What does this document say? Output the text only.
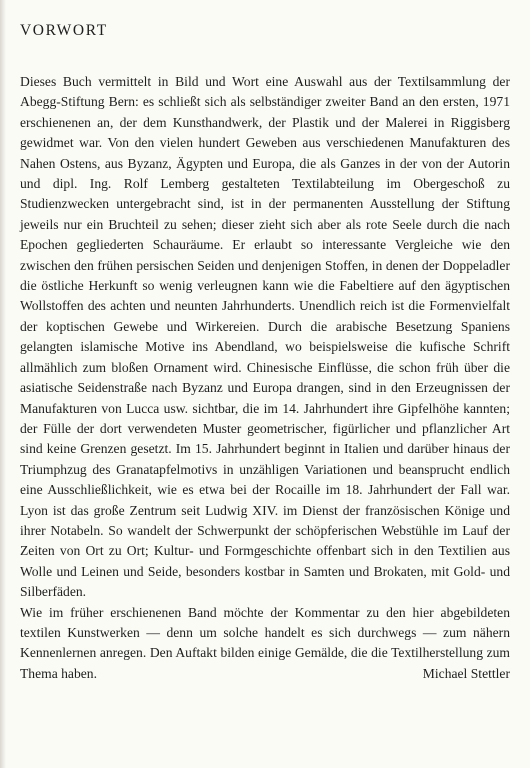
VORWORT

Dieses Buch vermittelt in Bild und Wort eine Auswahl aus der Textilsammlung der Abegg-Stiftung Bern: es schließt sich als selbständiger zweiter Band an den ersten, 1971 erschienenen an, der dem Kunsthandwerk, der Plastik und der Malerei in Riggisberg gewidmet war. Von den vielen hundert Geweben aus verschiedenen Manufakturen des Nahen Ostens, aus Byzanz, Ägypten und Europa, die als Ganzes in der von der Autorin und dipl. Ing. Rolf Lemberg gestalteten Textilabteilung im Obergeschoß zu Studienzwecken untergebracht sind, ist in der permanenten Ausstellung der Stiftung jeweils nur ein Bruchteil zu sehen; dieser zieht sich aber als rote Seele durch die nach Epochen gegliederten Schauräume. Er erlaubt so interessante Vergleiche wie den zwischen den frühen persischen Seiden und denjenigen Stoffen, in denen der Doppeladler die östliche Herkunft so wenig verleugnen kann wie die Fabeltiere auf den ägyptischen Wollstoffen des achten und neunten Jahrhunderts. Unendlich reich ist die Formenvielfalt der koptischen Gewebe und Wirkereien. Durch die arabische Besetzung Spaniens gelangten islamische Motive ins Abendland, wo beispielsweise die kufische Schrift allmählich zum bloßen Ornament wird. Chinesische Einflüsse, die schon früh über die asiatische Seidenstraße nach Byzanz und Europa drangen, sind in den Erzeugnissen der Manufakturen von Lucca usw. sichtbar, die im 14. Jahrhundert ihre Gipfelhöhe kannten; der Fülle der dort verwendeten Muster geometrischer, figürlicher und pflanzlicher Art sind keine Grenzen gesetzt. Im 15. Jahrhundert beginnt in Italien und darüber hinaus der Triumphzug des Granatapfelmotivs in unzähligen Variationen und beansprucht endlich eine Ausschließlichkeit, wie es etwa bei der Rocaille im 18. Jahrhundert der Fall war. Lyon ist das große Zentrum seit Ludwig XIV. im Dienst der französischen Könige und ihrer Notabeln. So wandelt der Schwerpunkt der schöpferischen Webstühle im Lauf der Zeiten von Ort zu Ort; Kultur- und Formgeschichte offenbart sich in den Textilien aus Wolle und Leinen und Seide, besonders kostbar in Samten und Brokaten, mit Gold- und Silberfäden.

Wie im früher erschienenen Band möchte der Kommentar zu den hier abgebildeten textilen Kunstwerken — denn um solche handelt es sich durchwegs — zum nähern Kennenlernen anregen. Den Auftakt bilden einige Gemälde, die die Textilherstellung zum Thema haben.	Michael Stettler
